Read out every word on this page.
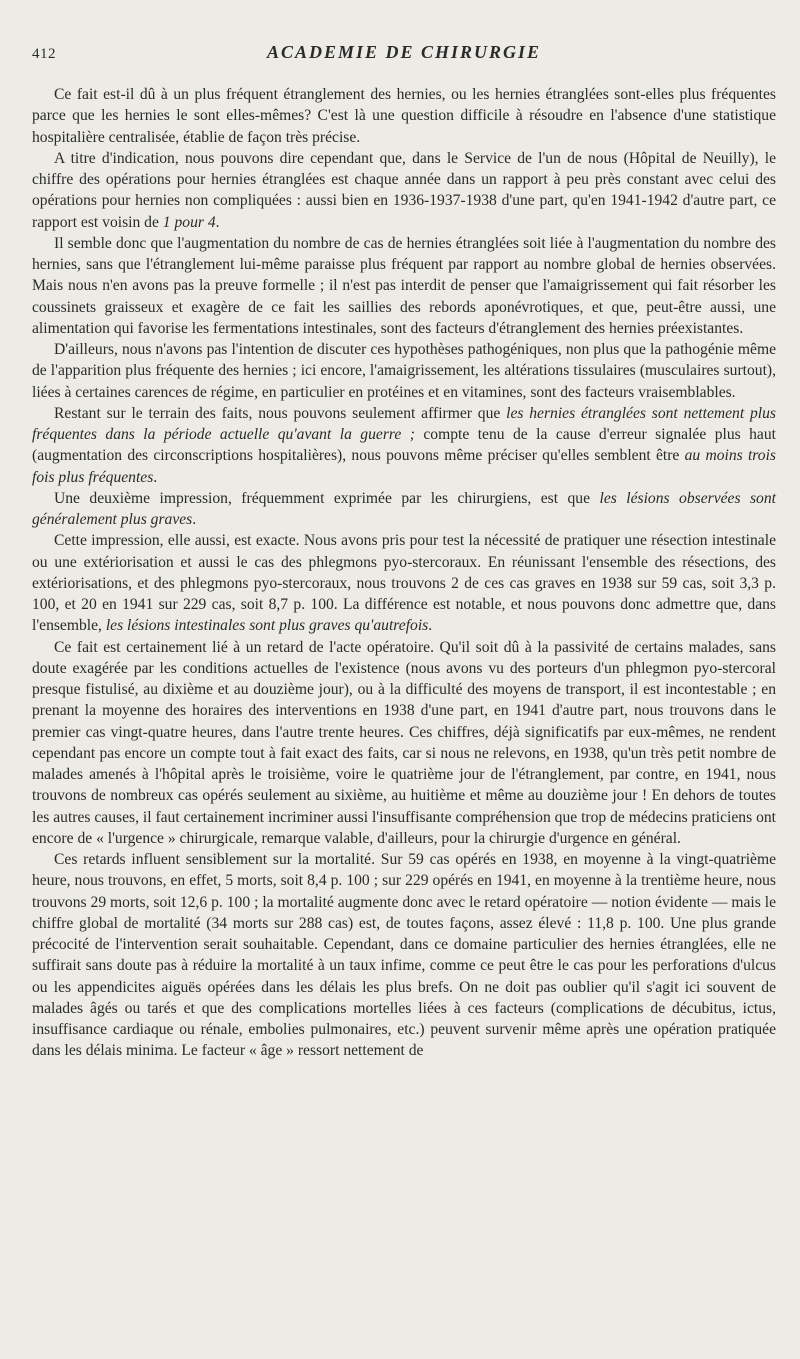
412	ACADEMIE DE CHIRURGIE

Ce fait est-il dû à un plus fréquent étranglement des hernies, ou les hernies étranglées sont-elles plus fréquentes parce que les hernies le sont elles-mêmes? C'est là une question difficile à résoudre en l'absence d'une statistique hospitalière centralisée, établie de façon très précise.

A titre d'indication, nous pouvons dire cependant que, dans le Service de l'un de nous (Hôpital de Neuilly), le chiffre des opérations pour hernies étranglées est chaque année dans un rapport à peu près constant avec celui des opérations pour hernies non compliquées : aussi bien en 1936-1937-1938 d'une part, qu'en 1941-1942 d'autre part, ce rapport est voisin de 1 pour 4.

Il semble donc que l'augmentation du nombre de cas de hernies étranglées soit liée à l'augmentation du nombre des hernies, sans que l'étranglement lui-même paraisse plus fréquent par rapport au nombre global de hernies observées. Mais nous n'en avons pas la preuve formelle ; il n'est pas interdit de penser que l'amaigrissement qui fait résorber les coussinets graisseux et exagère de ce fait les saillies des rebords aponévrotiques, et que, peut-être aussi, une alimentation qui favorise les fermentations intestinales, sont des facteurs d'étranglement des hernies préexistantes.

D'ailleurs, nous n'avons pas l'intention de discuter ces hypothèses pathogéniques, non plus que la pathogénie même de l'apparition plus fréquente des hernies ; ici encore, l'amaigrissement, les altérations tissulaires (musculaires surtout), liées à certaines carences de régime, en particulier en protéines et en vitamines, sont des facteurs vraisemblables.

Restant sur le terrain des faits, nous pouvons seulement affirmer que les hernies étranglées sont nettement plus fréquentes dans la période actuelle qu'avant la guerre ; compte tenu de la cause d'erreur signalée plus haut (augmentation des circonscriptions hospitalières), nous pouvons même préciser qu'elles semblent être au moins trois fois plus fréquentes.

Une deuxième impression, fréquemment exprimée par les chirurgiens, est que les lésions observées sont généralement plus graves.

Cette impression, elle aussi, est exacte. Nous avons pris pour test la nécessité de pratiquer une résection intestinale ou une extériorisation et aussi le cas des phlegmons pyo-stercoraux. En réunissant l'ensemble des résections, des extériorisations, et des phlegmons pyo-stercoraux, nous trouvons 2 de ces cas graves en 1938 sur 59 cas, soit 3,3 p. 100, et 20 en 1941 sur 229 cas, soit 8,7 p. 100. La différence est notable, et nous pouvons donc admettre que, dans l'ensemble, les lésions intestinales sont plus graves qu'autrefois.

Ce fait est certainement lié à un retard de l'acte opératoire. Qu'il soit dû à la passivité de certains malades, sans doute exagérée par les conditions actuelles de l'existence (nous avons vu des porteurs d'un phlegmon pyo-stercoral presque fistulisé, au dixième et au douzième jour), ou à la difficulté des moyens de transport, il est incontestable ; en prenant la moyenne des horaires des interventions en 1938 d'une part, en 1941 d'autre part, nous trouvons dans le premier cas vingt-quatre heures, dans l'autre trente heures. Ces chiffres, déjà significatifs par eux-mêmes, ne rendent cependant pas encore un compte tout à fait exact des faits, car si nous ne relevons, en 1938, qu'un très petit nombre de malades amenés à l'hôpital après le troisième, voire le quatrième jour de l'étranglement, par contre, en 1941, nous trouvons de nombreux cas opérés seulement au sixième, au huitième et même au douzième jour ! En dehors de toutes les autres causes, il faut certainement incriminer aussi l'insuffisante compréhension que trop de médecins praticiens ont encore de « l'urgence » chirurgicale, remarque valable, d'ailleurs, pour la chirurgie d'urgence en général.

Ces retards influent sensiblement sur la mortalité. Sur 59 cas opérés en 1938, en moyenne à la vingt-quatrième heure, nous trouvons, en effet, 5 morts, soit 8,4 p. 100 ; sur 229 opérés en 1941, en moyenne à la trentième heure, nous trouvons 29 morts, soit 12,6 p. 100 ; la mortalité augmente donc avec le retard opératoire — notion évidente — mais le chiffre global de mortalité (34 morts sur 288 cas) est, de toutes façons, assez élevé : 11,8 p. 100. Une plus grande précocité de l'intervention serait souhaitable. Cependant, dans ce domaine particulier des hernies étranglées, elle ne suffirait sans doute pas à réduire la mortalité à un taux infime, comme ce peut être le cas pour les perforations d'ulcus ou les appendicites aiguës opérées dans les délais les plus brefs. On ne doit pas oublier qu'il s'agit ici souvent de malades âgés ou tarés et que des complications mortelles liées à ces facteurs (complications de décubitus, ictus, insuffisance cardiaque ou rénale, embolies pulmonaires, etc.) peuvent survenir même après une opération pratiquée dans les délais minima. Le facteur « âge » ressort nettement de
